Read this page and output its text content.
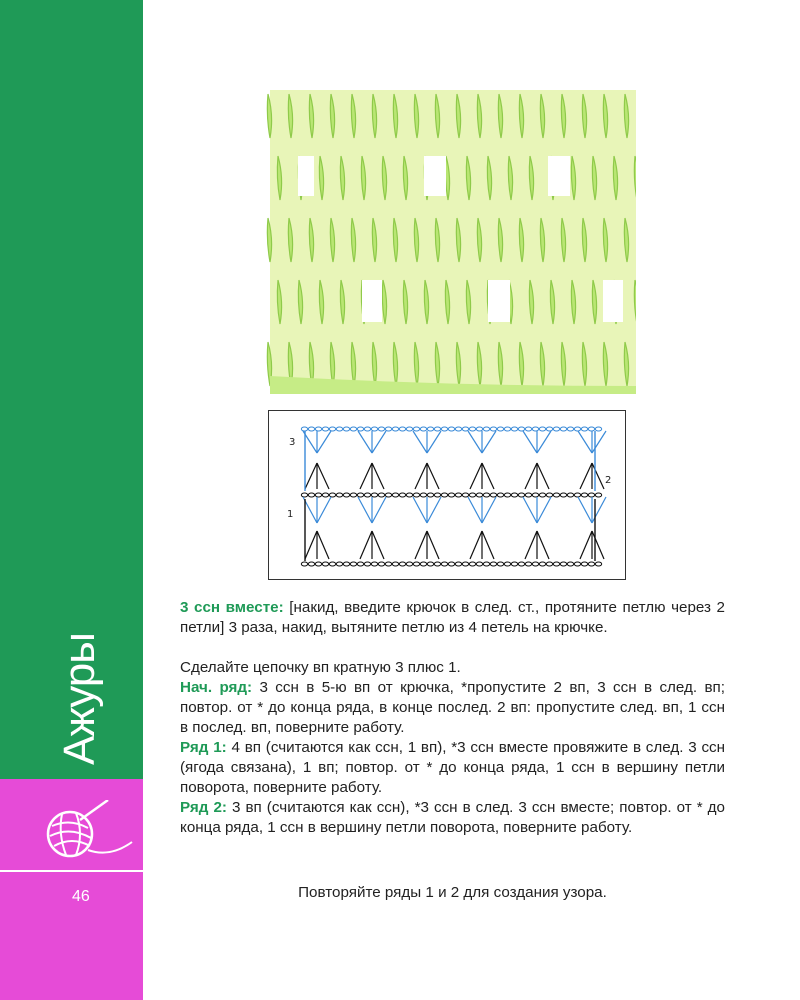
Ажуры
46
3
2
1

3 ссн вместе: [накид, введите крючок в след. ст., протяните петлю через 2 петли] 3 раза, накид, вытяните петлю из 4 петель на крючке.

Сделайте цепочку вп кратную 3 плюс 1.

Нач. ряд: 3 ссн в 5-ю вп от крючка, *пропустите 2 вп, 3 ссн в след. вп; повтор. от * до конца ряда, в конце послед. 2 вп: пропустите след. вп, 1 ссн в послед. вп, поверните работу.

Ряд 1: 4 вп (считаются как ссн, 1 вп), *3 ссн вместе провяжите в след. 3 ссн (ягода связана), 1 вп; повтор. от * до конца ряда, 1 ссн в вершину петли поворота, поверните работу.

Ряд 2: 3 вп (считаются как ссн), *3 ссн в след. 3 ссн вместе; повтор. от * до конца ряда, 1 ссн в вершину петли поворота, поверните работу.

Повторяйте ряды 1 и 2 для создания узора.
